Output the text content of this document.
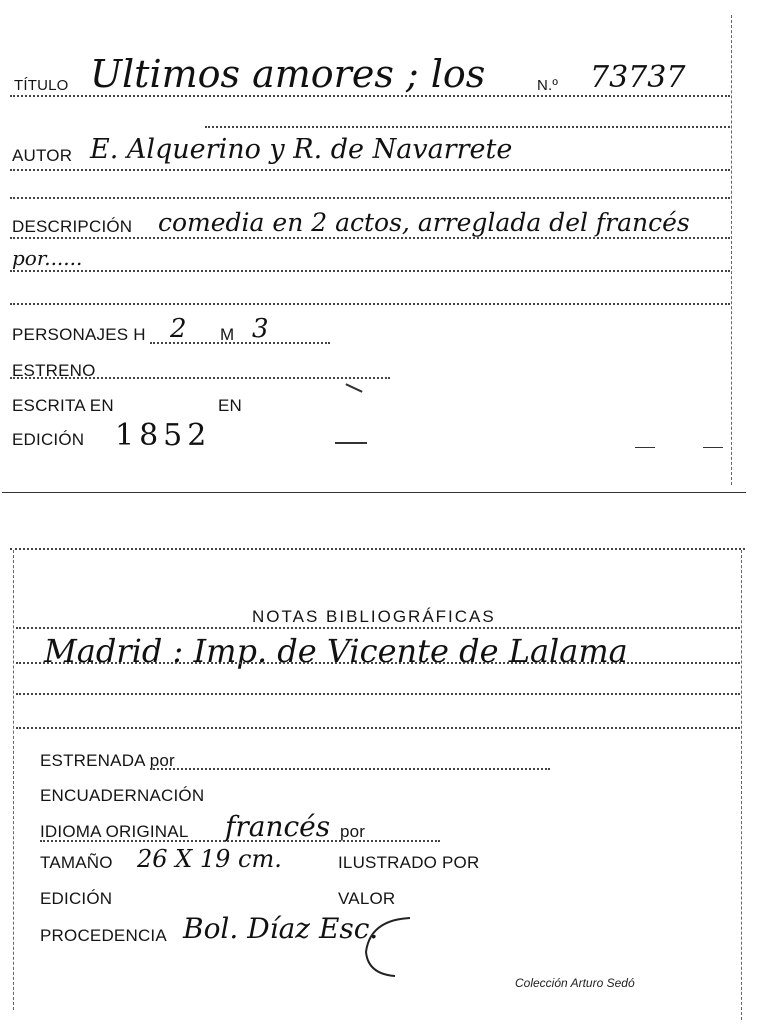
TÍTULO Ultimos amores ; los	N.º 73737
AUTOR E. Alquerino y R. de Navarrete
DESCRIPCIÓN comedia en 2 actos, arreglada del francés
por......
PERSONAJES H 2 M 3
ESTRENO
ESCRITA EN	EN
EDICIÓN 1852
NOTAS BIBLIOGRÁFICAS
Madrid : Imp. de Vicente de Lalama
ESTRENADA por
ENCUADERNACIÓN
IDIOMA ORIGINAL francés por
TAMAÑO 26 X 19 cm.	ILUSTRADO POR
EDICIÓN	VALOR
PROCEDENCIA Bol. Díaz Esc.
Colección Arturo Sedó
